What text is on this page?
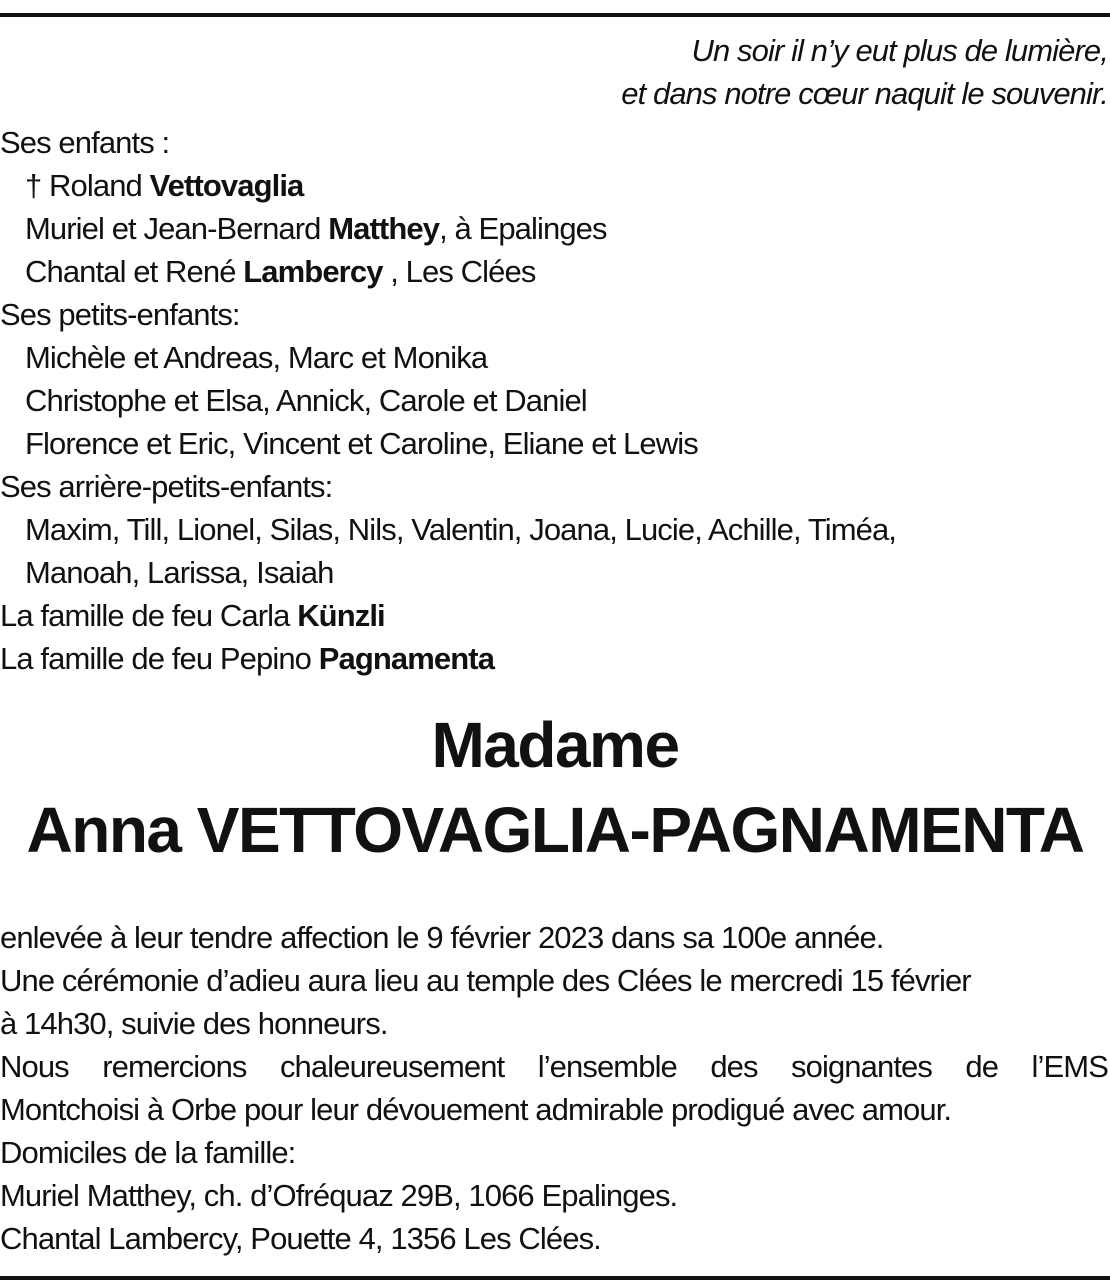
Un soir il n’y eut plus de lumière,
et dans notre cœur naquit le souvenir.
Ses enfants :
† Roland Vettovaglia
Muriel et Jean-Bernard Matthey, à Epalinges
Chantal et René Lambercy , Les Clées
Ses petits-enfants:
Michèle et Andreas, Marc et Monika
Christophe et Elsa, Annick, Carole et Daniel
Florence et Eric, Vincent et Caroline, Eliane et Lewis
Ses arrière-petits-enfants:
Maxim, Till, Lionel, Silas, Nils, Valentin, Joana, Lucie, Achille, Timéa,
Manoah, Larissa, Isaiah
La famille de feu Carla Künzli
La famille de feu Pepino Pagnamenta
Madame
Anna VETTOVAGLIA-PAGNAMENTA
enlevée à leur tendre affection le 9 février 2023 dans sa 100e année.
Une cérémonie d’adieu aura lieu au temple des Clées le mercredi 15 février
à 14h30, suivie des honneurs.
Nous remercions chaleureusement l’ensemble des soignantes de l’EMS
Montchoisi à Orbe pour leur dévouement admirable prodigué avec amour.
Domiciles de la famille:
Muriel Matthey, ch. d’Ofréquaz 29B, 1066 Epalinges.
Chantal Lambercy, Pouette 4, 1356 Les Clées.
